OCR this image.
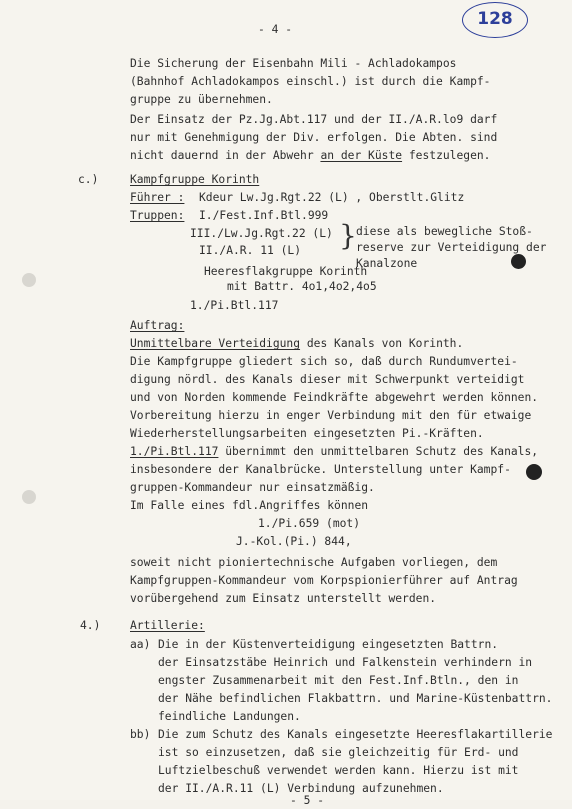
128
- 4 -
Die Sicherung der Eisenbahn Mili - Achladokampos
(Bahnhof Achladokampos einschl.) ist durch die Kampf-
gruppe zu übernehmen.
Der Einsatz der Pz.Jg.Abt.117 und der II./A.R.lo9 darf
nur mit Genehmigung der Div. erfolgen. Die Abten. sind
nicht dauernd in der Abwehr an der Küste festzulegen.
c.)	Kampfgruppe Korinth
Führer : Kdeur Lw.Jg.Rgt.22 (L) , Oberstlt.Glitz
Truppen: I./Fest.Inf.Btl.999
III./Lw.Jg.Rgt.22 (L)
II./A.R. 11 (L) } diese als bewegliche Stoß-
reserve zur Verteidigung der
Kanalzone
Heeresflakgruppe Korinth
mit Battr. 4o1,4o2,4o5
1./Pi.Btl.117
Auftrag:
Unmittelbare Verteidigung des Kanals von Korinth.
Die Kampfgruppe gliedert sich so, daß durch Rundumvertei-
digung nördl. des Kanals dieser mit Schwerpunkt verteidigt
und von Norden kommende Feindkräfte abgewehrt werden können.
Vorbereitung hierzu in enger Verbindung mit den für etwaige
Wiederherstellungsarbeiten eingesetzten Pi.-Kräften.
1./Pi.Btl.117 übernimmt den unmittelbaren Schutz des Kanals,
insbesondere der Kanalbrücke. Unterstellung unter Kampf-
gruppen-Kommandeur nur einsatzmäßig.
Im Falle eines fdl.Angriffes können
1./Pi.659 (mot)
J.-Kol.(Pi.) 844,
soweit nicht pioniertechnische Aufgaben vorliegen, dem
Kampfgruppen-Kommandeur vom Korpspionierführer auf Antrag
vorübergehend zum Einsatz unterstellt werden.
4.)	Artillerie:
aa) Die in der Küstenverteidigung eingesetzten Battrn.
der Einsatzstäbe Heinrich und Falkenstein verhindern in
engster Zusammenarbeit mit den Fest.Inf.Btln., den in
der Nähe befindlichen Flakbattrn. und Marine-Küstenbattrn.
feindliche Landungen.
bb) Die zum Schutz des Kanals eingesetzte Heeresflakartillerie
ist so einzusetzen, daß sie gleichzeitig für Erd- und
Luftzielbeschuß verwendet werden kann. Hierzu ist mit
der II./A.R.11 (L) Verbindung aufzunehmen.
- 5 -
